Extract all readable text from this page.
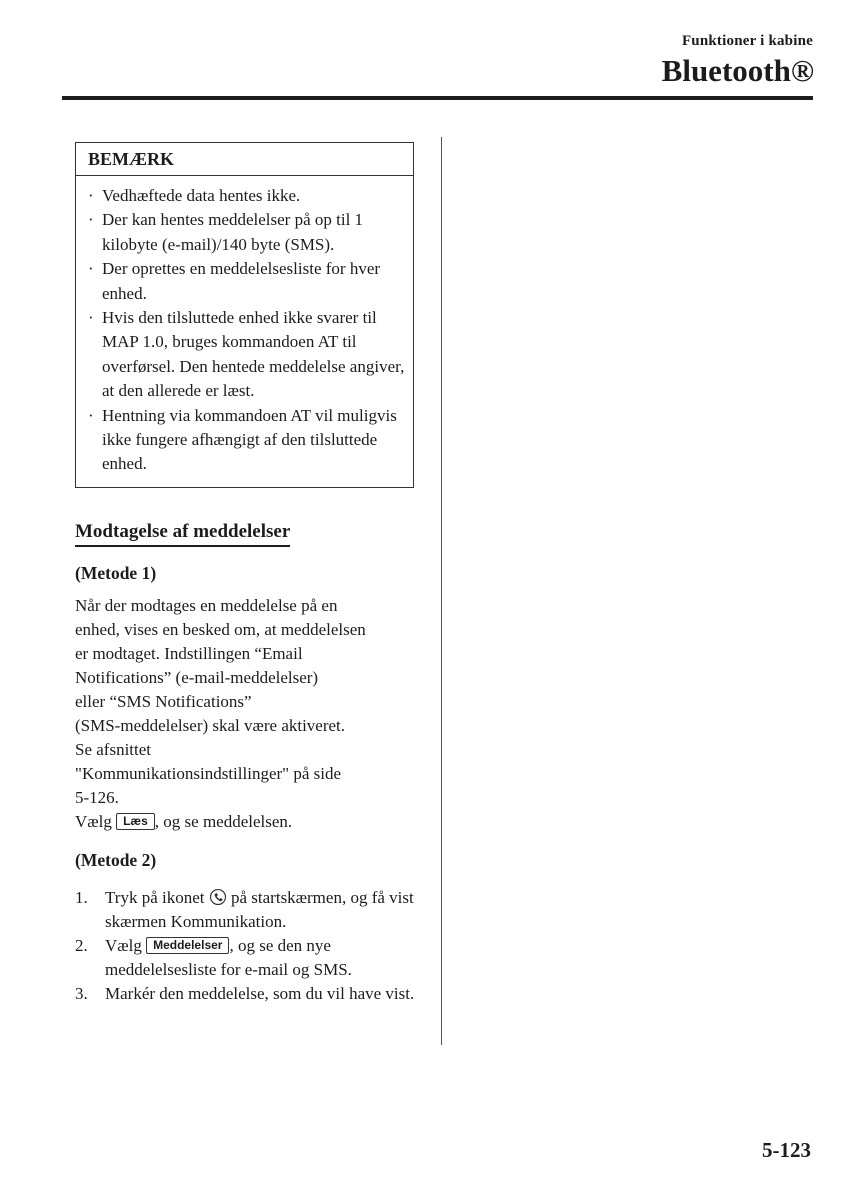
Funktioner i kabine
Bluetooth®
BEMÆRK
· Vedhæftede data hentes ikke.
· Der kan hentes meddelelser på op til 1 kilobyte (e-mail)/140 byte (SMS).
· Der oprettes en meddelelsesliste for hver enhed.
· Hvis den tilsluttede enhed ikke svarer til MAP 1.0, bruges kommandoen AT til overførsel. Den hentede meddelelse angiver, at den allerede er læst.
· Hentning via kommandoen AT vil muligvis ikke fungere afhængigt af den tilsluttede enhed.
Modtagelse af meddelelser
(Metode 1)
Når der modtages en meddelelse på en
enhed, vises en besked om, at meddelelsen
er modtaget. Indstillingen “Email
Notifications” (e-mail-meddelelser)
eller “SMS Notifications”
(SMS-meddelelser) skal være aktiveret.
Se afsnittet
"Kommunikationsindstillinger" på side
5-126.
Vælg Læs , og se meddelelsen.
(Metode 2)
1.	Tryk på ikonet  på startskærmen, og få vist skærmen Kommunikation.
2.	Vælg Meddelelser , og se den nye meddelelsesliste for e-mail og SMS.
3.	Markér den meddelelse, som du vil have vist.
5-123
